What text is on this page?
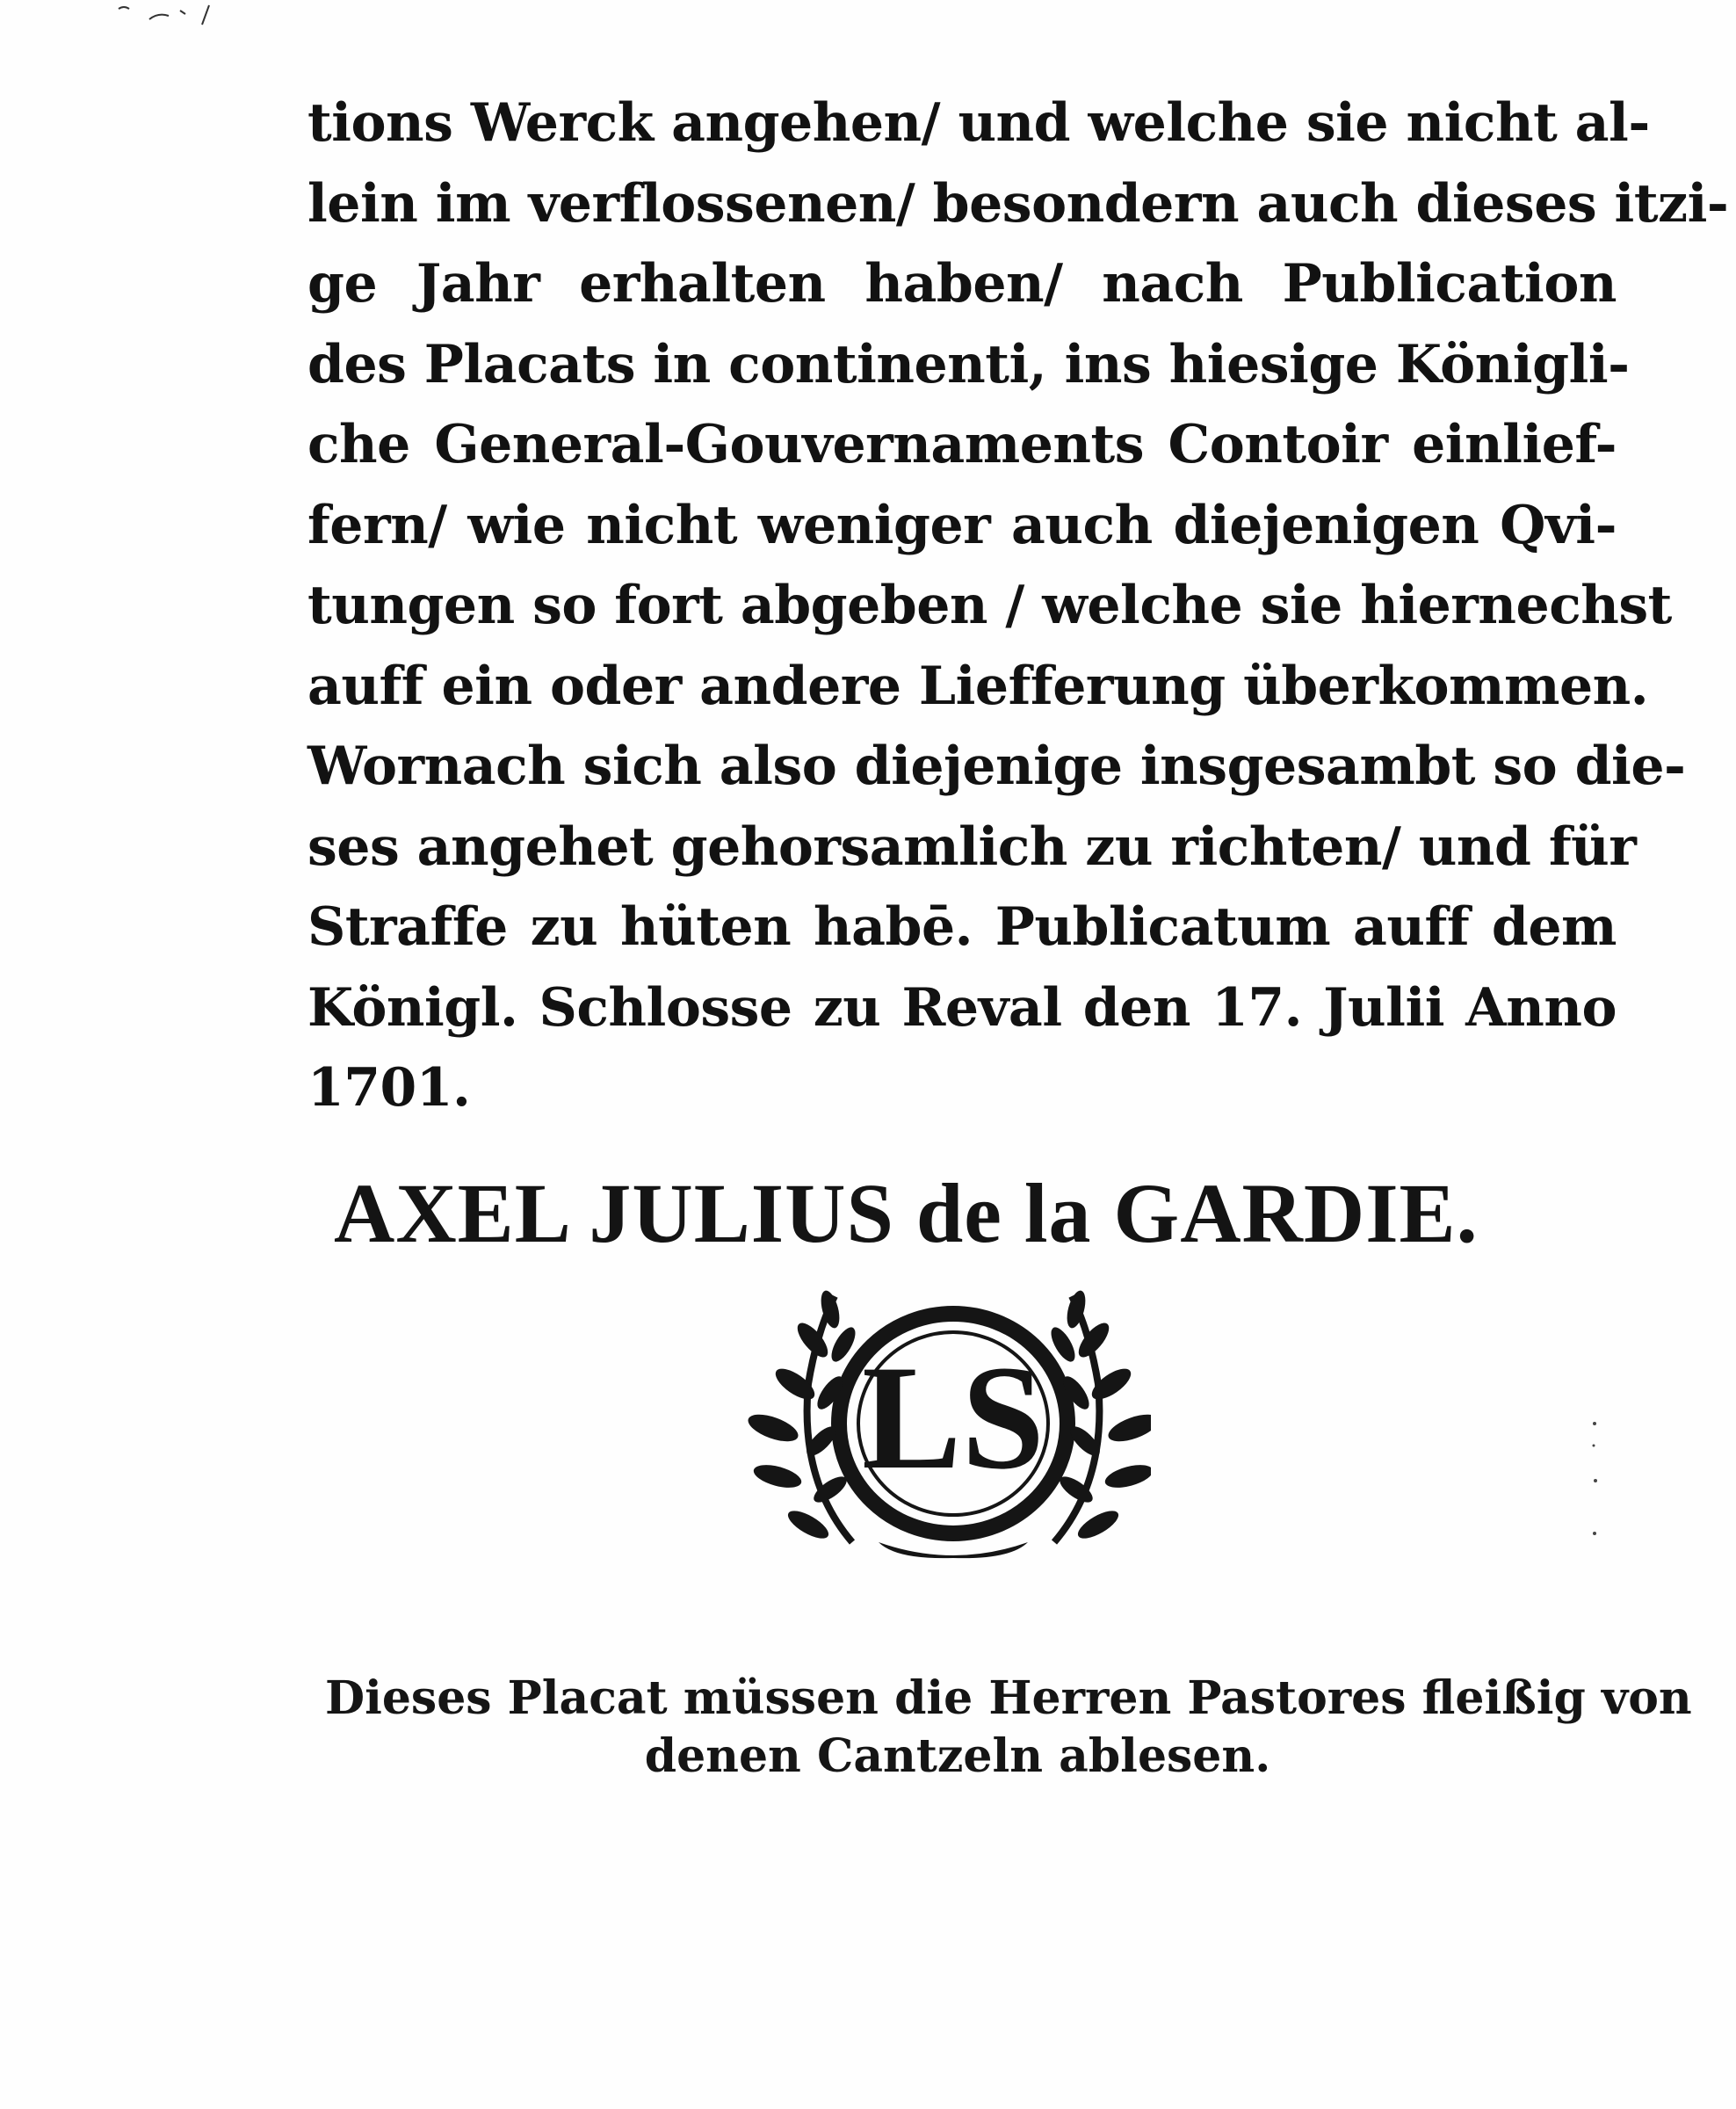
tions Werck angehen/ und welche sie nicht al-
lein im verflossenen/ besondern auch dieses itzi-
ge Jahr erhalten haben/ nach Publication
des Placats in continenti, ins hiesige Königli-
che General-Gouvernaments Contoir einlief-
fern/ wie nicht weniger auch diejenigen Qvi-
tungen so fort abgeben / welche sie hiernechst
auff ein oder andere Liefferung überkommen.
Wornach sich also diejenige insgesambt so die-
ses angehet gehorsamlich zu richten/ und für
Straffe zu hüten habē. Publicatum auff dem
Königl. Schlosse zu Reval den 17. Julii Anno
1701.
AXEL JULIUS de la GARDIE.
LS
Dieses Placat müssen die Herren Pastores fleißig von
denen Cantzeln ablesen.
